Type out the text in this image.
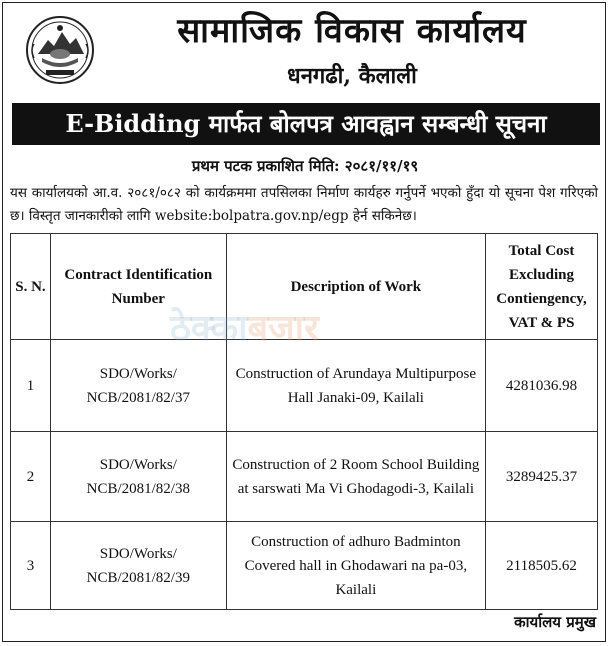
सामाजिक विकास कार्यालय
धनगढी, कैलाली
E-Bidding मार्फत बोलपत्र आवह्वान सम्बन्धी सूचना
प्रथम पटक प्रकाशित मिति: २०८१/११/१९
यस कार्यालयको आ.व. २०८१/०८२ को कार्यक्रममा तपसिलका निर्माण कार्यहरु गर्नुपर्ने भएको हुँदा यो सूचना पेश गरिएको छ। विस्तृत जानकारीको लागि website:bolpatra.gov.np/egp हेर्न सकिनेछ।
S. N.	Contract Identification Number	Description of Work	Total Cost Excluding Contiengency, VAT & PS
1	SDO/Works/ NCB/2081/82/37	Construction of Arundaya Multipurpose Hall Janaki-09, Kailali	4281036.98
2	SDO/Works/ NCB/2081/82/38	Construction of 2 Room School Building at sarswati Ma Vi Ghodagodi-3, Kailali	3289425.37
3	SDO/Works/ NCB/2081/82/39	Construction of adhuro Badminton Covered hall in Ghodawari na pa-03, Kailali	2118505.62
ठेक्काबजार
कार्यालय प्रमुख
